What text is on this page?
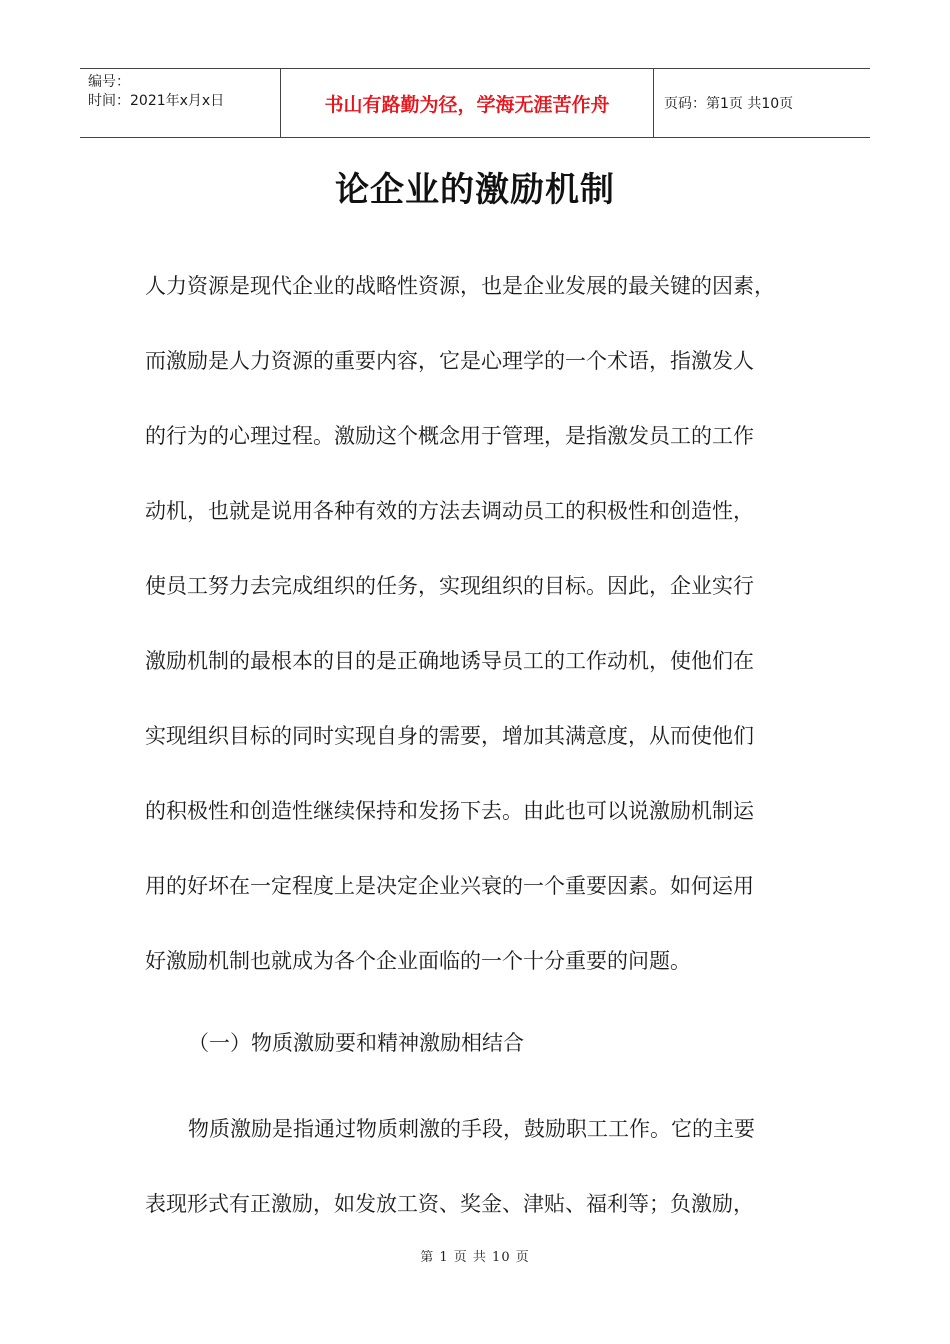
编号：
时间：2021年x月x日	书山有路勤为径，学海无涯苦作舟	页码：第1页 共10页
论企业的激励机制
人力资源是现代企业的战略性资源，也是企业发展的最关键的因素，
而激励是人力资源的重要内容，它是心理学的一个术语，指激发人
的行为的心理过程。激励这个概念用于管理，是指激发员工的工作
动机，也就是说用各种有效的方法去调动员工的积极性和创造性，
使员工努力去完成组织的任务，实现组织的目标。因此，企业实行
激励机制的最根本的目的是正确地诱导员工的工作动机，使他们在
实现组织目标的同时实现自身的需要，增加其满意度，从而使他们
的积极性和创造性继续保持和发扬下去。由此也可以说激励机制运
用的好坏在一定程度上是决定企业兴衰的一个重要因素。如何运用
好激励机制也就成为各个企业面临的一个十分重要的问题。
（一）物质激励要和精神激励相结合
物质激励是指通过物质刺激的手段，鼓励职工工作。它的主要
表现形式有正激励，如发放工资、奖金、津贴、福利等；负激励，
第 1 页 共 10 页
